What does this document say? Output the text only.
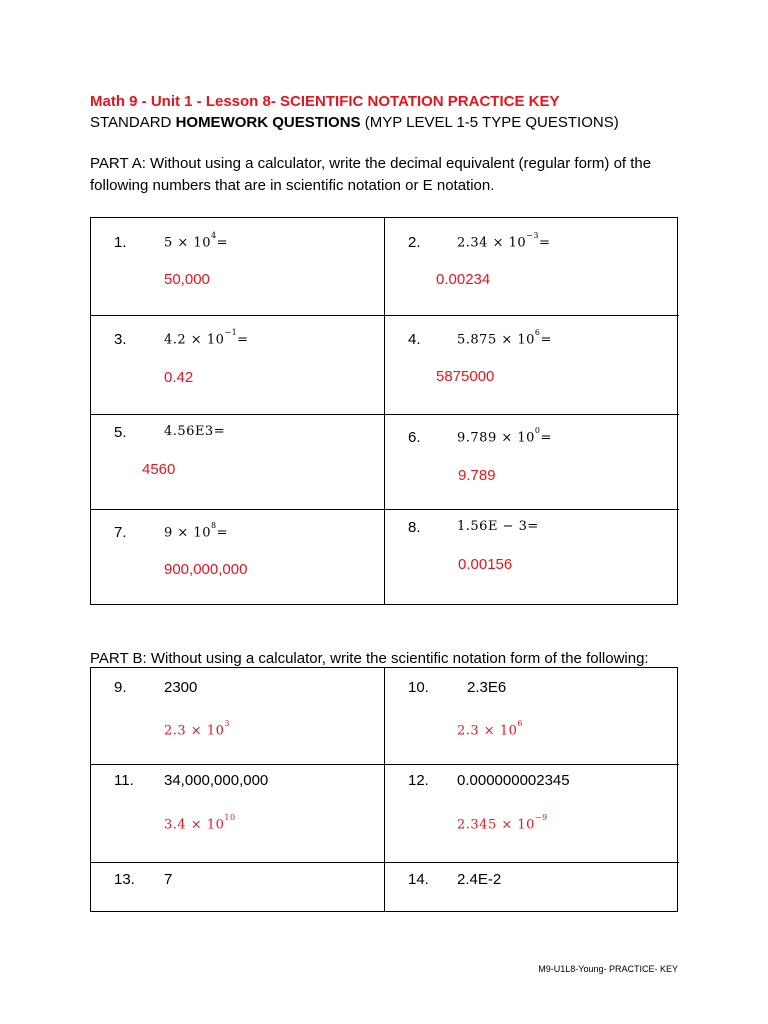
Math 9 - Unit 1 - Lesson 8- SCIENTIFIC NOTATION PRACTICE KEY
STANDARD HOMEWORK QUESTIONS (MYP LEVEL 1-5 TYPE QUESTIONS)
PART A: Without using a calculator, write the decimal equivalent (regular form) of the following numbers that are in scientific notation or E notation.
1.	$5 \times 10^4=$
50,000
2.	$2.34 \times 10^{-3}=$
0.00234
3.	$4.2 \times 10^{-1}=$
0.42
4.	$5.875 \times 10^6=$
5875000
5.	4.56E3=
4560
6.	$9.789 \times 10^0=$
9.789
7.	$9 \times 10^8=$
900,000,000
8.	1.56E − 3=
0.00156
PART B: Without using a calculator, write the scientific notation form of the following:
9. 2300
$2.3 \times 10^3$
10.	2.3E6
$2.3 \times 10^6$
11. 34,000,000,000
$3.4 \times 10^{10}$
12. 0.000000002345
$2.345 \times 10^{-9}$
13. 7	14. 2.4E-2
M9-U1L8-Young- PRACTICE- KEY
